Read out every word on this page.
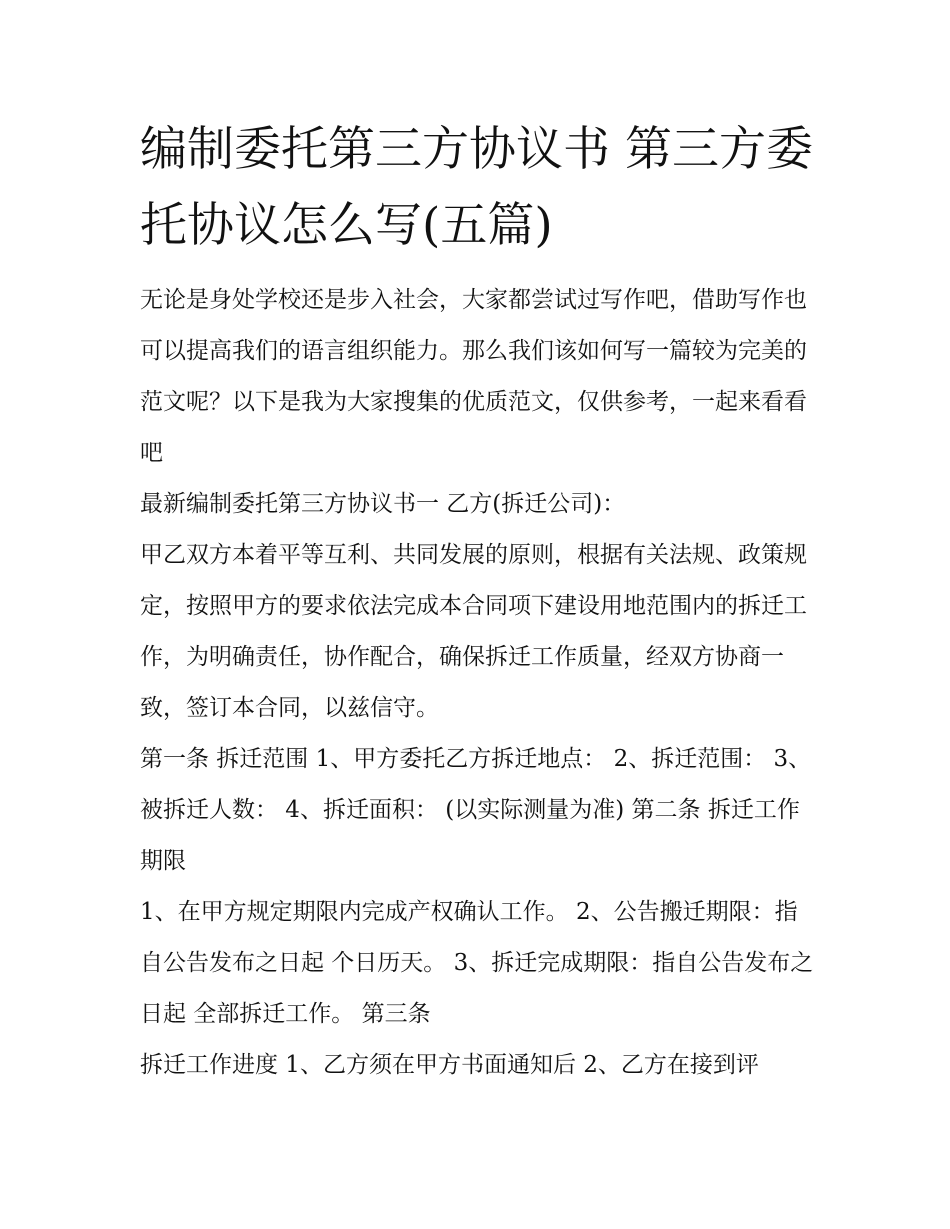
编制委托第三方协议书 第三方委托协议怎么写(五篇)

无论是身处学校还是步入社会，大家都尝试过写作吧，借助写作也可以提高我们的语言组织能力。那么我们该如何写一篇较为完美的范文呢？以下是我为大家搜集的优质范文，仅供参考，一起来看看吧

最新编制委托第三方协议书一 乙方(拆迁公司)：

甲乙双方本着平等互利、共同发展的原则，根据有关法规、政策规定，按照甲方的要求依法完成本合同项下建设用地范围内的拆迁工作，为明确责任，协作配合，确保拆迁工作质量，经双方协商一致，签订本合同，以兹信守。

第一条 拆迁范围 1、甲方委托乙方拆迁地点： 2、拆迁范围： 3、被拆迁人数： 4、拆迁面积： (以实际测量为准) 第二条 拆迁工作期限

1、在甲方规定期限内完成产权确认工作。 2、公告搬迁期限：指自公告发布之日起 个日历天。 3、拆迁完成期限：指自公告发布之日起 全部拆迁工作。 第三条

拆迁工作进度 1、乙方须在甲方书面通知后 2、乙方在接到评
